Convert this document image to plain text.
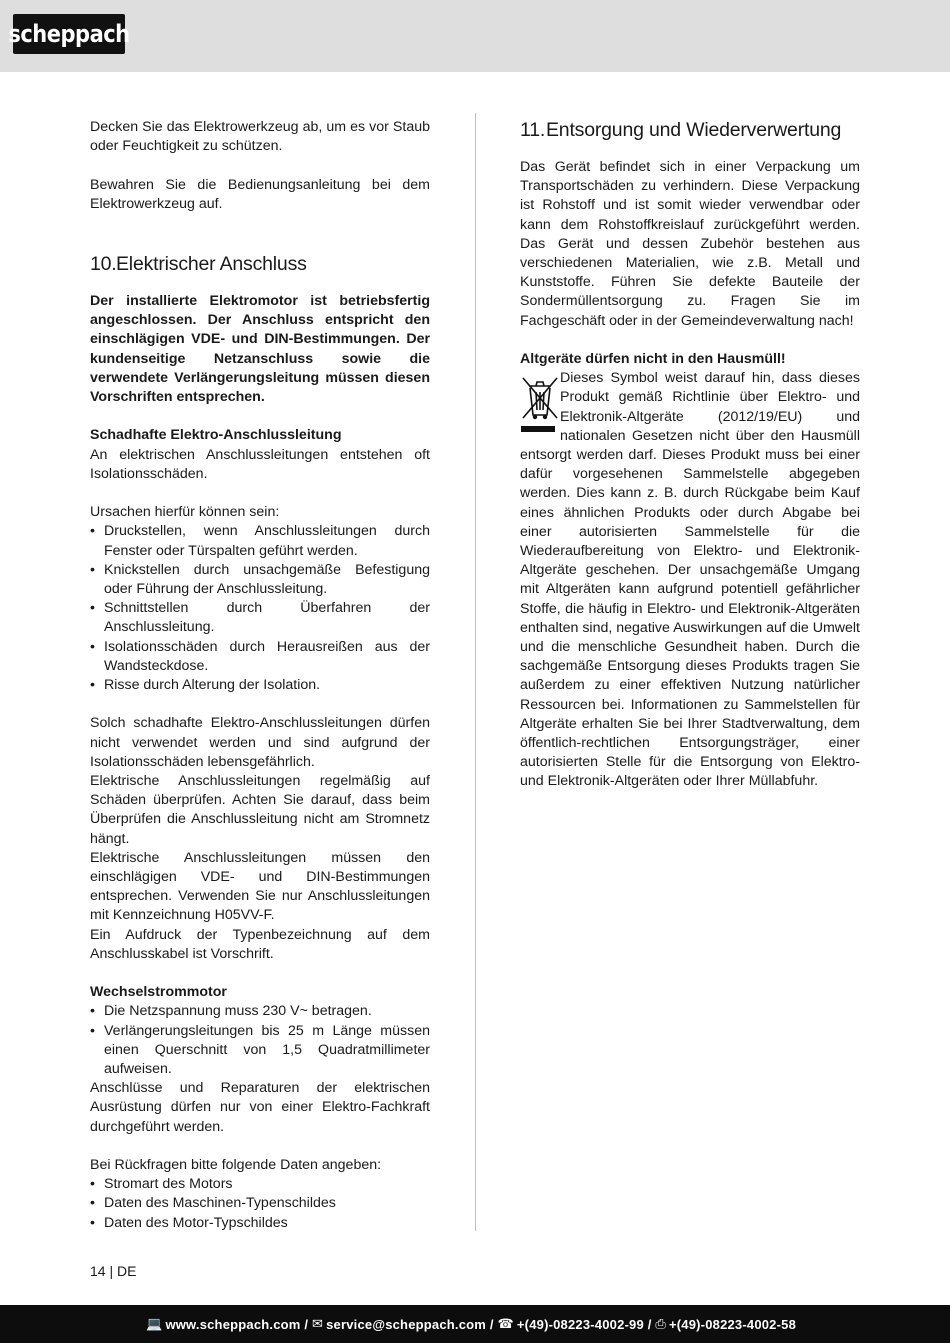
scheppach

Decken Sie das Elektrowerkzeug ab, um es vor Staub oder Feuchtigkeit zu schützen.

Bewahren Sie die Bedienungsanleitung bei dem Elektrowerkzeug auf.

10.Elektrischer Anschluss

Der installierte Elektromotor ist betriebsfertig angeschlossen. Der Anschluss entspricht den einschlägigen VDE- und DIN-Bestimmungen. Der kundenseitige Netzanschluss sowie die verwendete Verlängerungsleitung müssen diesen Vorschriften entsprechen.

Schadhafte Elektro-Anschlussleitung

An elektrischen Anschlussleitungen entstehen oft Isolationsschäden.

Ursachen hierfür können sein:

• Druckstellen, wenn Anschlussleitungen durch Fenster oder Türspalten geführt werden.
• Knickstellen durch unsachgemäße Befestigung oder Führung der Anschlussleitung.
• Schnittstellen durch Überfahren der Anschlussleitung.
• Isolationsschäden durch Herausreißen aus der Wandsteckdose.
• Risse durch Alterung der Isolation.

Solch schadhafte Elektro-Anschlussleitungen dürfen nicht verwendet werden und sind aufgrund der Isolationsschäden lebensgefährlich.

Elektrische Anschlussleitungen regelmäßig auf Schäden überprüfen. Achten Sie darauf, dass beim Überprüfen die Anschlussleitung nicht am Stromnetz hängt.

Elektrische Anschlussleitungen müssen den einschlägigen VDE- und DIN-Bestimmungen entsprechen. Verwenden Sie nur Anschlussleitungen mit Kennzeichnung H05VV-F.

Ein Aufdruck der Typenbezeichnung auf dem Anschlusskabel ist Vorschrift.

Wechselstrommotor

• Die Netzspannung muss 230 V~ betragen.
• Verlängerungsleitungen bis 25 m Länge müssen einen Querschnitt von 1,5 Quadratmillimeter aufweisen.

Anschlüsse und Reparaturen der elektrischen Ausrüstung dürfen nur von einer Elektro-Fachkraft durchgeführt werden.

Bei Rückfragen bitte folgende Daten angeben:

• Stromart des Motors
• Daten des Maschinen-Typenschildes
• Daten des Motor-Typschildes
11.Entsorgung und Wiederverwertung

Das Gerät befindet sich in einer Verpackung um Transportschäden zu verhindern. Diese Verpackung ist Rohstoff und ist somit wieder verwendbar oder kann dem Rohstoffkreislauf zurückgeführt werden. Das Gerät und dessen Zubehör bestehen aus verschiedenen Materialien, wie z.B. Metall und Kunststoffe. Führen Sie defekte Bauteile der Sondermüllentsorgung zu. Fragen Sie im Fachgeschäft oder in der Gemeindeverwaltung nach!

Altgeräte dürfen nicht in den Hausmüll!

Dieses Symbol weist darauf hin, dass dieses Produkt gemäß Richtlinie über Elektro- und Elektronik-Altgeräte (2012/19/EU) und nationalen Gesetzen nicht über den Hausmüll entsorgt werden darf. Dieses Produkt muss bei einer dafür vorgesehenen Sammelstelle abgegeben werden. Dies kann z. B. durch Rückgabe beim Kauf eines ähnlichen Produkts oder durch Abgabe bei einer autorisierten Sammelstelle für die Wiederaufbereitung von Elektro- und Elektronik- Altgeräte geschehen. Der unsachgemäße Umgang mit Altgeräten kann aufgrund potentiell gefährlicher Stoffe, die häufig in Elektro- und Elektronik-Altgeräten enthalten sind, negative Auswirkungen auf die Umwelt und die menschliche Gesundheit haben. Durch die sachgemäße Entsorgung dieses Produkts tragen Sie außerdem zu einer effektiven Nutzung natürlicher Ressourcen bei. Informationen zu Sammelstellen für Altgeräte erhalten Sie bei Ihrer Stadtverwaltung, dem öffentlich-rechtlichen Entsorgungsträger, einer autorisierten Stelle für die Entsorgung von Elektro- und Elektronik-Altgeräten oder Ihrer Müllabfuhr.

14 | DE
💻 www.scheppach.com /
✉ service@scheppach.com /
☎ +(49)-08223-4002-99 /
⎙ +(49)-08223-4002-58
